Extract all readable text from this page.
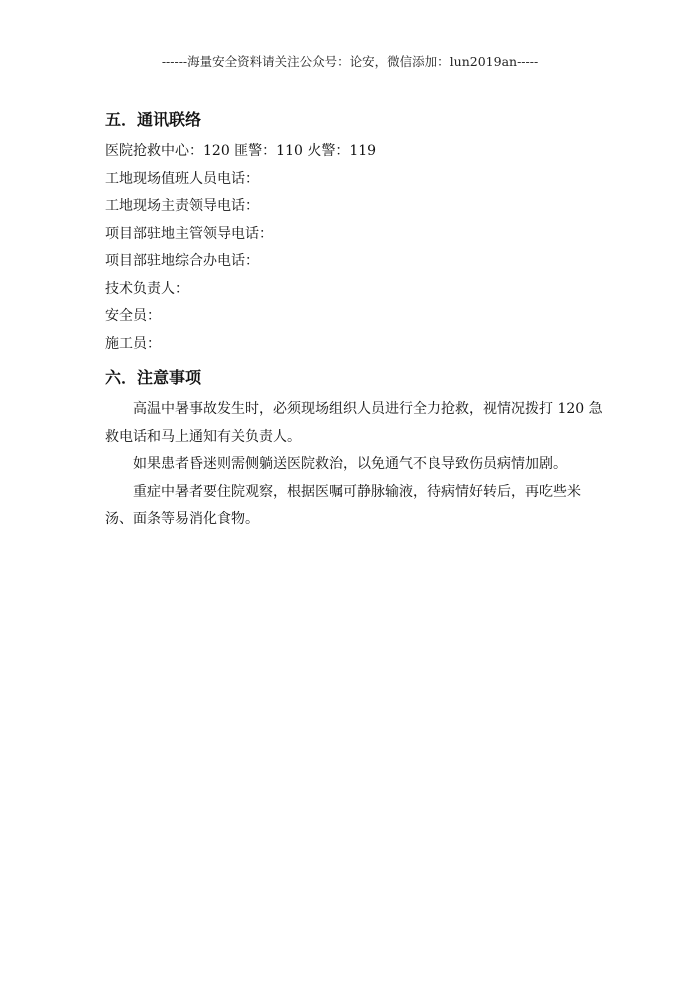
------海量安全资料请关注公众号：论安，微信添加：lun2019an-----
五．通讯联络
医院抢救中心：120 匪警：110 火警：119
工地现场值班人员电话：
工地现场主责领导电话：
项目部驻地主管领导电话：
项目部驻地综合办电话：
技术负责人：
安全员：
施工员：
六．注意事项

高温中暑事故发生时，必须现场组织人员进行全力抢救，视情况拨打 120 急救电话和马上通知有关负责人。

如果患者昏迷则需侧躺送医院救治，以免通气不良导致伤员病情加剧。

重症中暑者要住院观察，根据医嘱可静脉输液，待病情好转后，再吃些米汤、面条等易消化食物。
